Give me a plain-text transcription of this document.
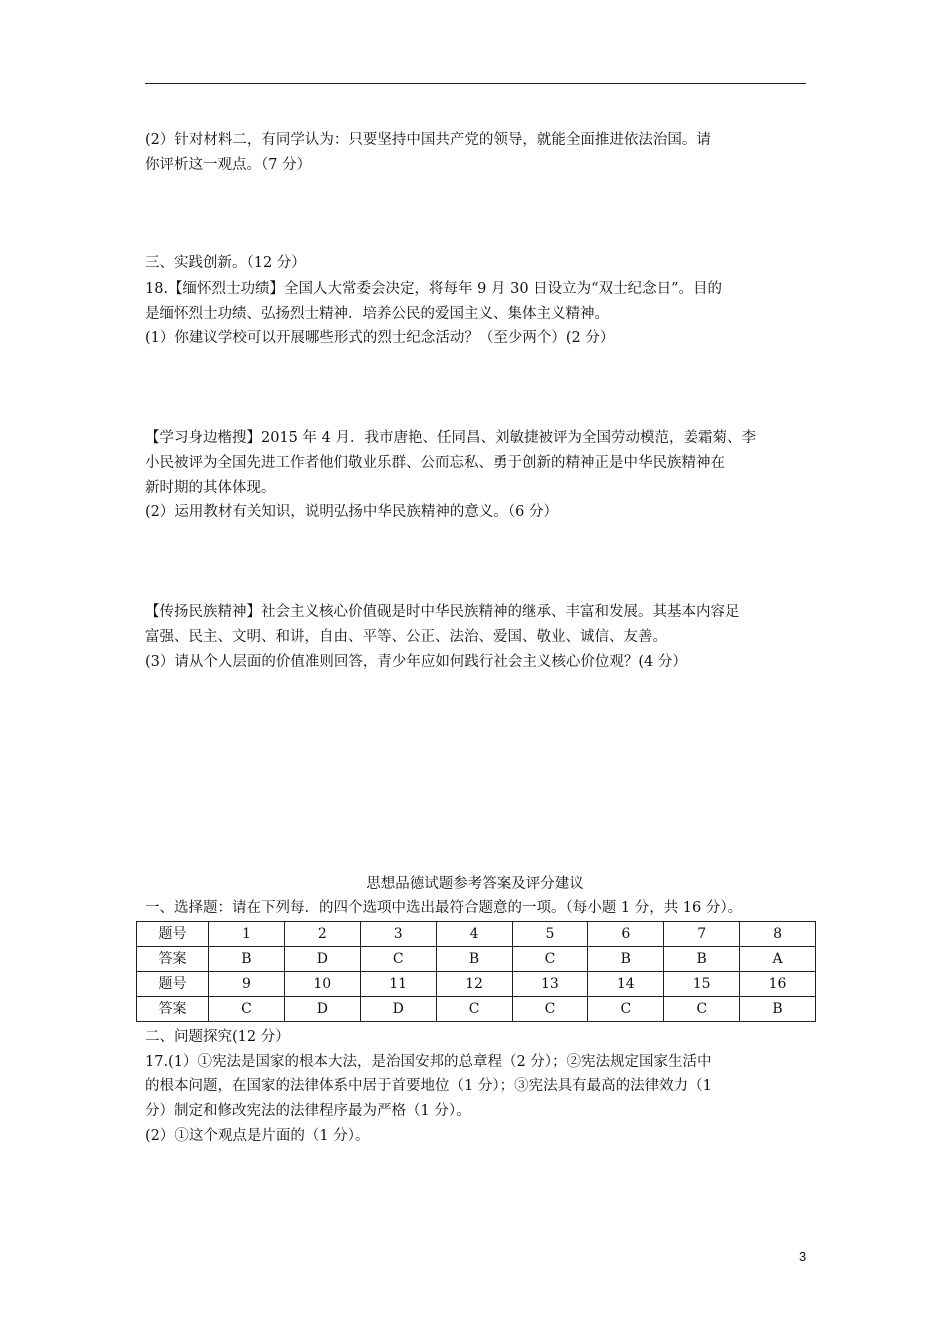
(2）针对材料二，有同学认为：只要坚持中国共产党的领导，就能全面推进依法治国。请
你评析这一观点。（7 分）
三、实践创新。（12 分）
18.【缅怀烈士功绩】全国人大常委会决定，将每年 9 月 30 日设立为“双士纪念日”。目的
是缅怀烈士功绩、弘扬烈士精神．培养公民的爱国主义、集体主义精神。
(1）你建议学校可以开展哪些形式的烈士纪念活动？（至少两个）(2 分）
【学习身边楷搜】2015 年 4 月．我市唐艳、任同昌、刘敏捷被评为全国劳动模范，姜霜菊、李
小民被评为全国先进工作者他们敬业乐群、公而忘私、勇于创新的精神正是中华民族精神在
新时期的其体体现。
(2）运用教材有关知识，说明弘扬中华民族精神的意义。（6 分）
【传扬民族精神】社会主义核心价值砚是时中华民族精神的继承、丰富和发展。其基本内容足
富强、民主、文明、和讲，自由、平等、公正、法治、爱国、敬业、诚信、友善。
(3）请从个人层面的价值准则回答，青少年应如何践行社会主义核心价位观？(4 分）
思想品德试题参考答案及评分建议
一、选择题：请在下列每．的四个选项中选出最符合题意的一项。（每小题 1 分，共 16 分）。
题号	1	2	3	4	5	6	7	8
答案	B	D	C	B	C	B	B	A
题号	9	10	11	12	13	14	15	16
答案	C	D	D	C	C	C	C	B
二、问题探究(12 分）
17.(1）①宪法是国家的根本大法，是治国安邦的总章程（2 分）；②宪法规定国家生活中
的根本问题，在国家的法律体系中居于首要地位（1 分）；③宪法具有最高的法律效力（1
分）制定和修改宪法的法律程序最为严格（1 分）。
(2）①这个观点是片面的（1 分）。
3
